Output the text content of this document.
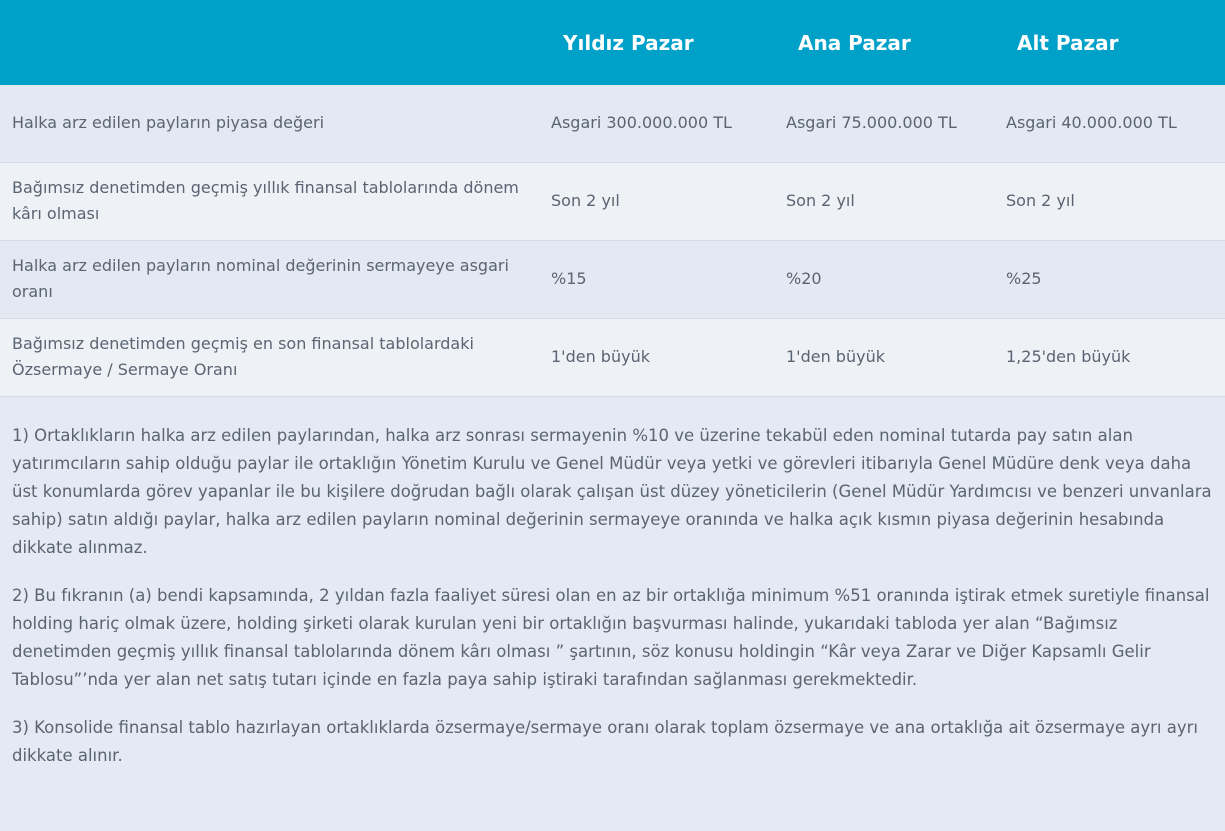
	Yıldız Pazar	Ana Pazar	Alt Pazar
Halka arz edilen payların piyasa değeri	Asgari 300.000.000 TL	Asgari 75.000.000 TL	Asgari 40.000.000 TL
Bağımsız denetimden geçmiş yıllık finansal tablolarında dönem kârı olması	Son 2 yıl	Son 2 yıl	Son 2 yıl
Halka arz edilen payların nominal değerinin sermayeye asgari oranı	%15	%20	%25
Bağımsız denetimden geçmiş en son finansal tablolardaki Özsermaye / Sermaye Oranı	1'den büyük	1'den büyük	1,25'den büyük

1) Ortaklıkların halka arz edilen paylarından, halka arz sonrası sermayenin %10 ve üzerine tekabül eden nominal tutarda pay satın alan yatırımcıların sahip olduğu paylar ile ortaklığın Yönetim Kurulu ve Genel Müdür veya yetki ve görevleri itibarıyla Genel Müdüre denk veya daha üst konumlarda görev yapanlar ile bu kişilere doğrudan bağlı olarak çalışan üst düzey yöneticilerin (Genel Müdür Yardımcısı ve benzeri unvanlara sahip) satın aldığı paylar, halka arz edilen payların nominal değerinin sermayeye oranında ve halka açık kısmın piyasa değerinin hesabında dikkate alınmaz.

2) Bu fıkranın (a) bendi kapsamında, 2 yıldan fazla faaliyet süresi olan en az bir ortaklığa minimum %51 oranında iştirak etmek suretiyle finansal holding hariç olmak üzere, holding şirketi olarak kurulan yeni bir ortaklığın başvurması halinde, yukarıdaki tabloda yer alan “Bağımsız denetimden geçmiş yıllık finansal tablolarında dönem kârı olması ” şartının, söz konusu holdingin “Kâr veya Zarar ve Diğer Kapsamlı Gelir Tablosu”’nda yer alan net satış tutarı içinde en fazla paya sahip iştiraki tarafından sağlanması gerekmektedir.

3) Konsolide finansal tablo hazırlayan ortaklıklarda özsermaye/sermaye oranı olarak toplam özsermaye ve ana ortaklığa ait özsermaye ayrı ayrı dikkate alınır.
